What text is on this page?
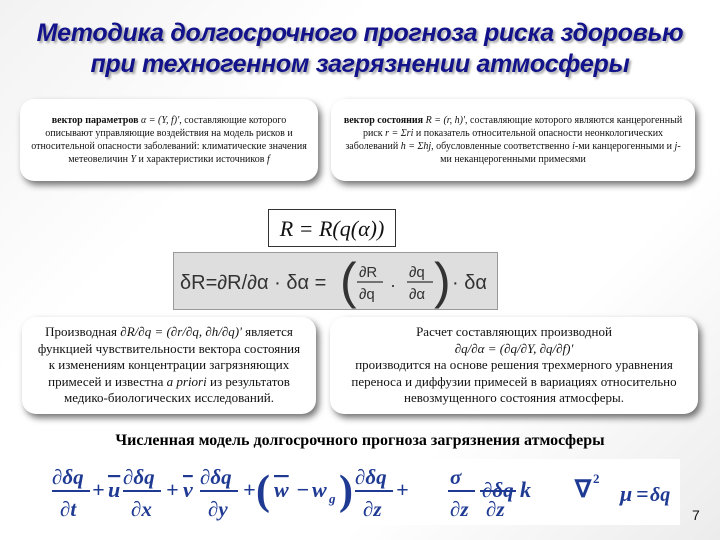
Методика долгосрочного прогноза риска здоровью
при техногенном загрязнении атмосферы
вектор параметров α = (Y, f)', составляющие которого описывают управляющие воздействия на модель рисков и относительной опасности заболеваний: климатические значения метеовеличин Y и характеристики источников f
вектор состояния R = (r, h)', составляющие которого являются канцерогенный риск r = Σri и показатель относительной опасности неонкологических заболеваний h = Σhj, обусловленные соответственно i-ми канцерогенными и j-ми неканцерогенными примесями
R = R(q(α))
δR=∂R/∂α · δα = ( ∂R
∂q ·
∂q
∂α ) · δα
Производная ∂R/∂q = (∂r/∂q, ∂h/∂q)' является функцией чувствительности вектора состояния к изменениям концентрации загрязняющих примесей и известна a priori из результатов медико-биологических исследований.
Расчет составляющих производной
∂q/∂α = (∂q/∂Y, ∂q/∂f)'
производится на основе решения трехмерного уравнения переноса и диффузии примесей в вариациях относительно невозмущенного состояния атмосферы.
Численная модель долгосрочного прогноза загрязнения атмосферы
∂δq
∂t
+ u ∂δq
∂x
+ v ∂δq
∂y
+ ( w − w g ) ∂δq
∂z
+ σ
∂z
∂δq
∂z
k ∇ 2
μ = δq
7
